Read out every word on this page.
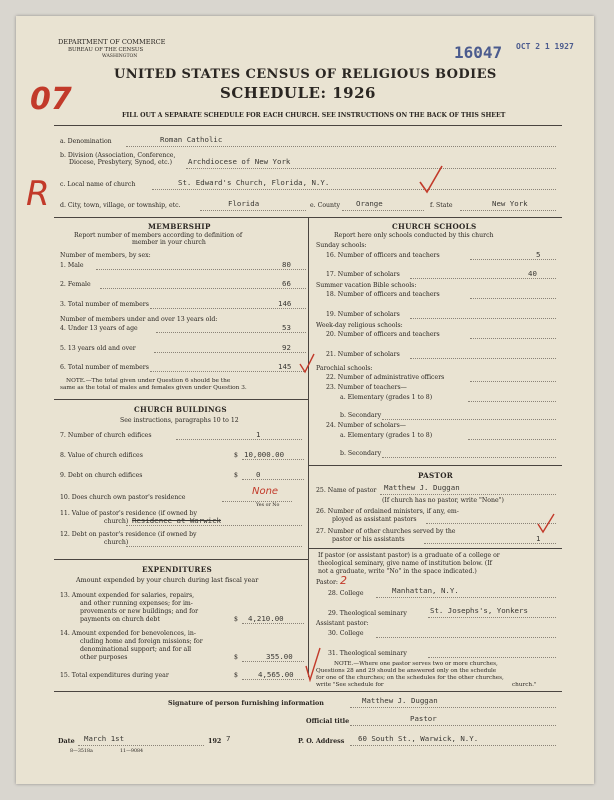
DEPARTMENT OF COMMERCE
BUREAU OF THE CENSUS
WASHINGTON	16047 OCT 2 1 1927
UNITED STATES CENSUS OF RELIGIOUS BODIES
SCHEDULE: 1926
07	FILL OUT A SEPARATE SCHEDULE FOR EACH CHURCH. SEE INSTRUCTIONS ON THE BACK OF THIS SHEET
a. Denomination	Roman Catholic
b. Division (Association, Conference,
Diocese, Presbytery, Synod, etc.) Archdiocese of New York
R c. Local name of church	St. Edward's Church, Florida, N.Y.
d. City, town, village, or township, etc.	Florida	e. County Orange	f. State	New York
MEMBERSHIP
Report number of members according to definition of
member in your church
Number of members, by sex:
1. Male	80
2. Female	66
3. Total number of members	146
Number of members under and over 13 years old:
4. Under 13 years of age	53
5. 13 years old and over	92
6. Total number of members	145
NOTE.—The total given under Question 6 should be the
same as the total of males and females given under Question 3.
CHURCH BUILDINGS
See instructions, paragraphs 10 to 12
7. Number of church edifices	1
8. Value of church edifices	$ 10,000.00
9. Debt on church edifices	$ 0
10. Does church own pastor's residence
None
Yes or No
11. Value of pastor's residence (if owned by
church) Residence at Warwick
12. Debt on pastor's residence (if owned by
church)
EXPENDITURES
Amount expended by your church during last fiscal year
13. Amount expended for salaries, repairs,
and other running expenses; for im-
provements or new buildings; and for
payments on church debt	$ 4,210.00
14. Amount expended for benevolences, in-
cluding home and foreign missions; for
denominational support; and for all
other purposes	$	355.00
15. Total expenditures during year	$	4,565.00
CHURCH SCHOOLS
Report here only schools conducted by this church
Sunday schools:
16. Number of officers and teachers	5
17. Number of scholars	40
Summer vacation Bible schools:
18. Number of officers and teachers
19. Number of scholars
Week-day religious schools:
20. Number of officers and teachers
21. Number of scholars
Parochial schools:
22. Number of administrative officers
23. Number of teachers—
a. Elementary (grades 1 to 8)
b. Secondary
24. Number of scholars—
a. Elementary (grades 1 to 8)
b. Secondary
PASTOR
25. Name of pastor Matthew J. Duggan
(If church has no pastor, write "None")
26. Number of ordained ministers, if any, em-
ployed as assistant pastors
27. Number of other churches served by the
pastor or his assistants	1
If pastor (or assistant pastor) is a graduate of a college or
theological seminary, give name of institution below. (If
not a graduate, write "No" in the space indicated.)
Pastor: 2
28. College	Manhattan, N.Y.
29. Theological seminary	St. Josephs's, Yonkers
Assistant pastor:
30. College
31. Theological seminary
NOTE.—Where one pastor serves two or more churches,
Questions 28 and 29 should be answered only on the schedule
for one of the churches; on the schedules for the other churches,
write "See schedule for	church."
Signature of person furnishing information	Matthew J. Duggan
Official title	Pastor
Date March 1st	192 7	P. O. Address 60 South St., Warwick, N.Y.
8—3518a	11—9084
